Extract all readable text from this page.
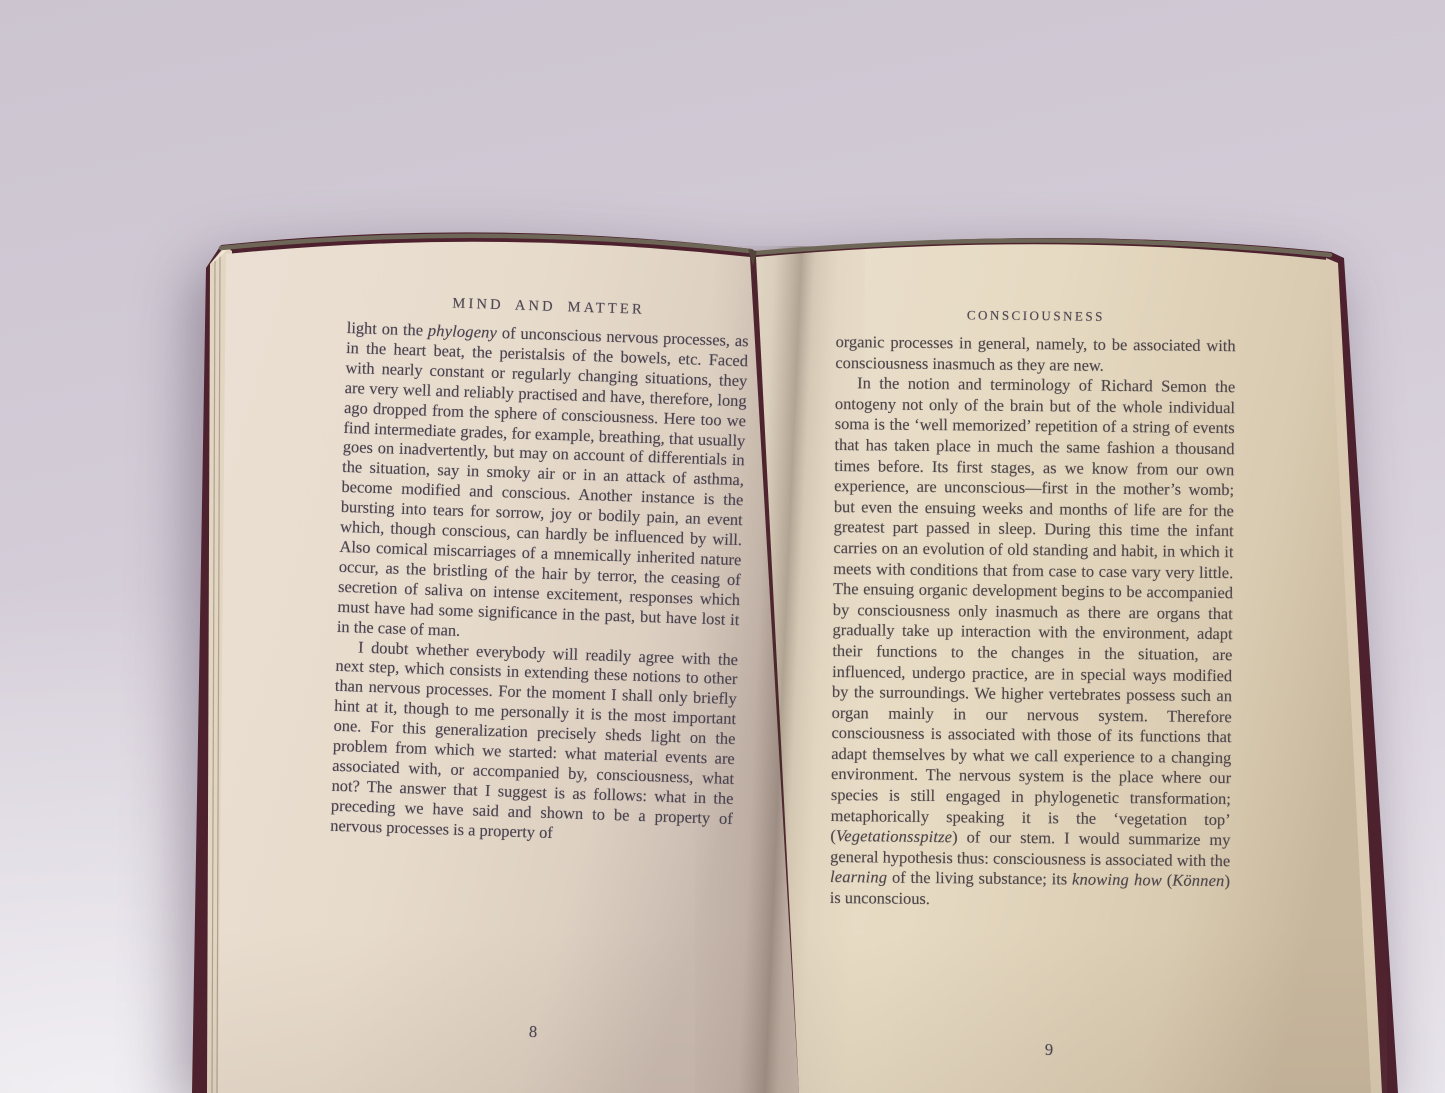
MIND AND MATTER

light on the phylogeny of unconscious nervous processes, as in the heart beat, the peristalsis of the bowels, etc. Faced with nearly constant or regularly changing situations, they are very well and reliably practised and have, therefore, long ago dropped from the sphere of consciousness. Here too we find intermediate grades, for example, breathing, that usually goes on inadvertently, but may on account of differentials in the situation, say in smoky air or in an attack of asthma, become modified and conscious. Another instance is the bursting into tears for sorrow, joy or bodily pain, an event which, though conscious, can hardly be influenced by will. Also comical miscarriages of a mnemically inherited nature occur, as the bristling of the hair by terror, the ceasing of secretion of saliva on intense excitement, responses which must have had some significance in the past, but have lost it in the case of man.

I doubt whether everybody will readily agree with the next step, which consists in extending these notions to other than nervous processes. For the moment I shall only briefly hint at it, though to me personally it is the most important one. For this generalization precisely sheds light on the problem from which we started: what material events are associated with, or accompanied by, consciousness, what not? The answer that I suggest is as follows: what in the preceding we have said and shown to be a property of nervous processes is a property of

8
CONSCIOUSNESS

organic processes in general, namely, to be associated with consciousness inasmuch as they are new.

In the notion and terminology of Richard Semon the ontogeny not only of the brain but of the whole individual soma is the ‘well memorized’ repetition of a string of events that has taken place in much the same fashion a thousand times before. Its first stages, as we know from our own experience, are unconscious—first in the mother’s womb; but even the ensuing weeks and months of life are for the greatest part passed in sleep. During this time the infant carries on an evolution of old standing and habit, in which it meets with conditions that from case to case vary very little. The ensuing organic development begins to be accompanied by consciousness only inasmuch as there are organs that gradually take up interaction with the environment, adapt their functions to the changes in the situation, are influenced, undergo practice, are in special ways modified by the surroundings. We higher vertebrates possess such an organ mainly in our nervous system. Therefore consciousness is associated with those of its functions that adapt themselves by what we call experience to a changing environment. The nervous system is the place where our species is still engaged in phylogenetic transformation; metaphorically speaking it is the ‘vegetation top’ (Vegetationsspitze) of our stem. I would summarize my general hypothesis thus: consciousness is associated with the learning of the living substance; its knowing how (Können) is unconscious.

9
